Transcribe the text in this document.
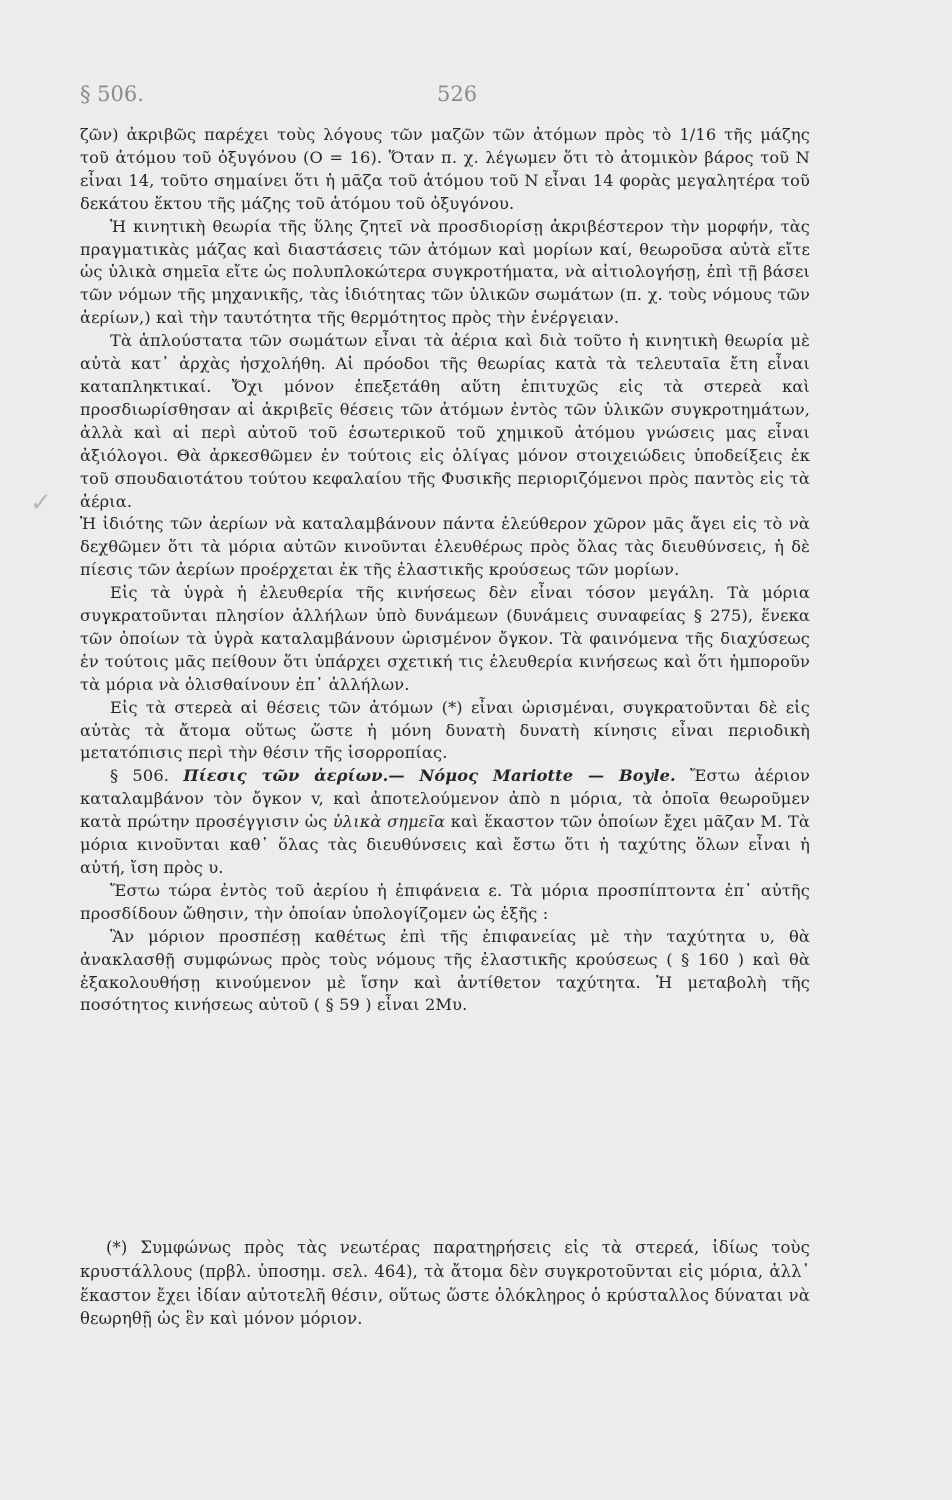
§ 506.	526

ζῶν) ἀκριβῶς παρέχει τοὺς λόγους τῶν μαζῶν τῶν ἀτόμων πρὸς τὸ 1/16 τῆς μάζης τοῦ ἀτόμου τοῦ ὀξυγόνου (O = 16). Ὅταν π. χ. λέγωμεν ὅτι τὸ ἀτομικὸν βάρος τοῦ N εἶναι 14, τοῦτο σημαίνει ὅτι ἡ μᾶζα τοῦ ἀτόμου τοῦ N εἶναι 14 φορὰς μεγαλητέρα τοῦ δεκάτου ἕκτου τῆς μάζης τοῦ ἀτόμου τοῦ ὀξυγόνου.

Ἡ κινητικὴ θεωρία τῆς ὕλης ζητεῖ νὰ προσδιορίσῃ ἀκριβέστερον τὴν μορφήν, τὰς πραγματικὰς μάζας καὶ διαστάσεις τῶν ἀτόμων καὶ μορίων καί, θεωροῦσα αὐτὰ εἴτε ὡς ὑλικὰ σημεῖα εἴτε ὡς πολυπλοκώτερα συγκροτήματα, νὰ αἰτιολογήσῃ, ἐπὶ τῇ βάσει τῶν νόμων τῆς μηχανικῆς, τὰς ἰδιότητας τῶν ὑλικῶν σωμάτων (π. χ. τοὺς νόμους τῶν ἀερίων,) καὶ τὴν ταυτότητα τῆς θερμότητος πρὸς τὴν ἐνέργειαν.

Τὰ ἁπλούστατα τῶν σωμάτων εἶναι τὰ ἀέρια καὶ διὰ τοῦτο ἡ κινητικὴ θεωρία μὲ αὐτὰ κατ᾽ ἀρχὰς ἠσχολήθη. Αἱ πρόοδοι τῆς θεωρίας κατὰ τὰ τελευταῖα ἔτη εἶναι καταπληκτικαί. Ὄχι μόνον ἐπεξετάθη αὕτη ἐπιτυχῶς εἰς τὰ στερεὰ καὶ προσδιωρίσθησαν αἱ ἀκριβεῖς θέσεις τῶν ἀτόμων ἐντὸς τῶν ὑλικῶν συγκροτημάτων, ἀλλὰ καὶ αἱ περὶ αὐτοῦ τοῦ ἐσωτερικοῦ τοῦ χημικοῦ ἀτόμου γνώσεις μας εἶναι ἀξιόλογοι. Θὰ ἀρκεσθῶμεν ἐν τούτοις εἰς ὀλίγας μόνον στοιχειώδεις ὑποδείξεις ἐκ τοῦ σπουδαιοτάτου τούτου κεφαλαίου τῆς Φυσικῆς περιοριζόμενοι πρὸς παντὸς εἰς τὰ ἀέρια.

Ἡ ἰδιότης τῶν ἀερίων νὰ καταλαμβάνουν πάντα ἐλεύθερον χῶρον μᾶς ἄγει εἰς τὸ νὰ δεχθῶμεν ὅτι τὰ μόρια αὐτῶν κινοῦνται ἐλευθέρως πρὸς ὅλας τὰς διευθύνσεις, ἡ δὲ πίεσις τῶν ἀερίων προέρχεται ἐκ τῆς ἐλαστικῆς κρούσεως τῶν μορίων.

Εἰς τὰ ὑγρὰ ἡ ἐλευθερία τῆς κινήσεως δὲν εἶναι τόσον μεγάλη. Τὰ μόρια συγκρατοῦνται πλησίον ἀλλήλων ὑπὸ δυνάμεων (δυνάμεις συναφείας § 275), ἕνεκα τῶν ὁποίων τὰ ὑγρὰ καταλαμβάνουν ὡρισμένον ὄγκον. Τὰ φαινόμενα τῆς διαχύσεως ἐν τούτοις μᾶς πείθουν ὅτι ὑπάρχει σχετική τις ἐλευθερία κινήσεως καὶ ὅτι ἠμποροῦν τὰ μόρια νὰ ὀλισθαίνουν ἐπ᾽ ἀλλήλων.

Εἰς τὰ στερεὰ αἱ θέσεις τῶν ἀτόμων (*) εἶναι ὡρισμέναι, συγκρατοῦνται δὲ εἰς αὐτὰς τὰ ἄτομα οὕτως ὥστε ἡ μόνη δυνατὴ δυνατὴ κίνησις εἶναι περιοδικὴ μετατόπισις περὶ τὴν θέσιν τῆς ἰσορροπίας.

§ 506. Πίεσις τῶν ἀερίων.— Νόμος Mariotte — Boyle. Ἔστω ἀέριον καταλαμβάνον τὸν ὄγκον v, καὶ ἀποτελούμενον ἀπὸ n μόρια, τὰ ὁποῖα θεωροῦμεν κατὰ πρώτην προσέγγισιν ὡς ὑλικὰ σημεῖα καὶ ἕκαστον τῶν ὁποίων ἔχει μᾶζαν M. Τὰ μόρια κινοῦνται καθ᾽ ὅλας τὰς διευθύνσεις καὶ ἔστω ὅτι ἡ ταχύτης ὅλων εἶναι ἡ αὐτή, ἴση πρὸς υ.

Ἔστω τώρα ἐντὸς τοῦ ἀερίου ἡ ἐπιφάνεια ε. Τὰ μόρια προσπίπτοντα ἐπ᾽ αὐτῆς προσδίδουν ὤθησιν, τὴν ὁποίαν ὑπολογίζομεν ὡς ἑξῆς :

Ἂν μόριον προσπέσῃ καθέτως ἐπὶ τῆς ἐπιφανείας μὲ τὴν ταχύτητα υ, θὰ ἀνακλασθῇ συμφώνως πρὸς τοὺς νόμους τῆς ἐλαστικῆς κρούσεως ( § 160 ) καὶ θὰ ἐξακολουθήσῃ κινούμενον μὲ ἴσην καὶ ἀντίθετον ταχύτητα. Ἡ μεταβολὴ τῆς ποσότητος κινήσεως αὐτοῦ ( § 59 ) εἶναι 2Mυ.

(*) Συμφώνως πρὸς τὰς νεωτέρας παρατηρήσεις εἰς τὰ στερεά, ἰδίως τοὺς κρυστάλλους (πρβλ. ὑποσημ. σελ. 464), τὰ ἄτομα δὲν συγκροτοῦνται εἰς μόρια, ἀλλ᾽ ἕκαστον ἔχει ἰδίαν αὐτοτελῆ θέσιν, οὕτως ὥστε ὁλόκληρος ὁ κρύσταλλος δύναται νὰ θεωρηθῇ ὡς ἓν καὶ μόνον μόριον.
✓
